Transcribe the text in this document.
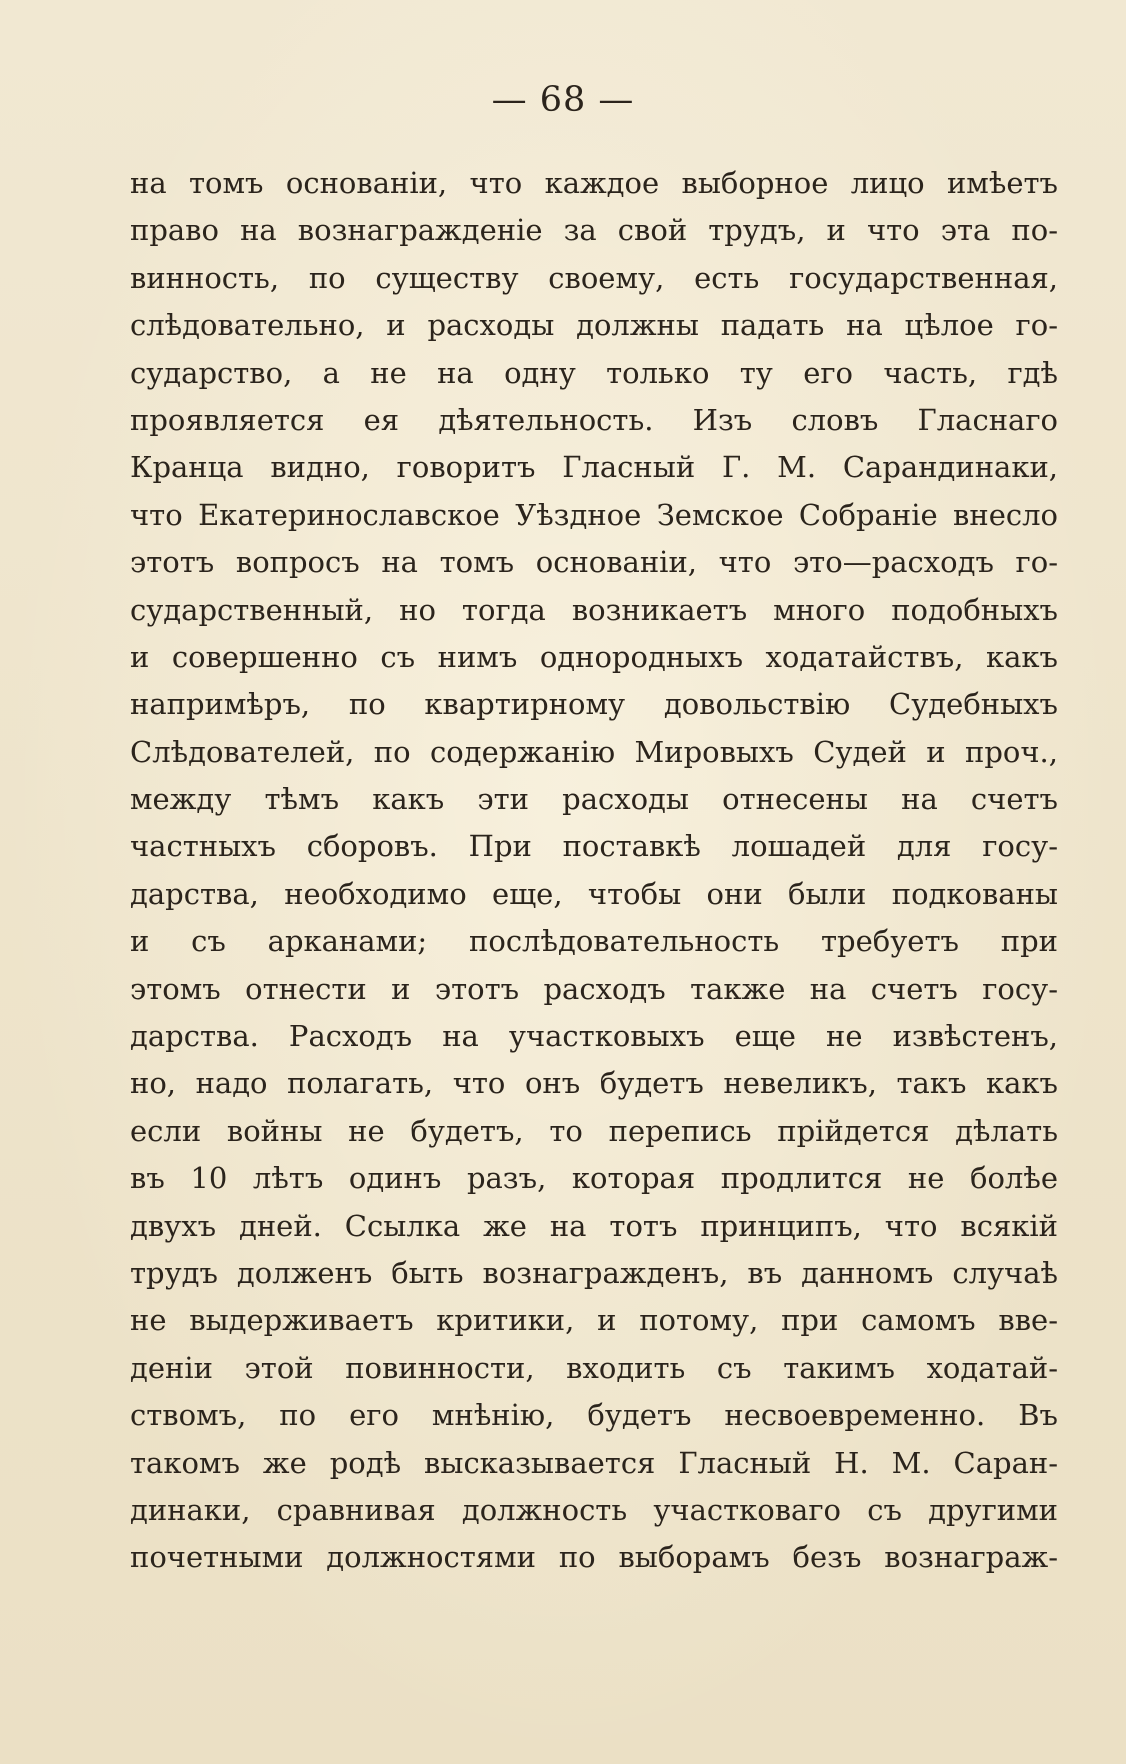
— 68 —
на томъ основаніи, что каждое выборное лицо имѣетъ
право на вознагражденіе за свой трудъ, и что эта по-
винность, по существу своему, есть государственная,
слѣдовательно, и расходы должны падать на цѣлое го-
сударство, а не на одну только ту его часть, гдѣ
проявляется ея дѣятельность. Изъ словъ Гласнаго
Кранца видно, говоритъ Гласный Г. М. Сарандинаки,
что Екатеринославское Уѣздное Земское Собраніе внесло
этотъ вопросъ на томъ основаніи, что это—расходъ го-
сударственный, но тогда возникаетъ много подобныхъ
и совершенно съ нимъ однородныхъ ходатайствъ, какъ
напримѣръ, по квартирному довольствію Судебныхъ
Слѣдователей, по содержанію Мировыхъ Судей и проч.,
между тѣмъ какъ эти расходы отнесены на счетъ
частныхъ сборовъ. При поставкѣ лошадей для госу-
дарства, необходимо еще, чтобы они были подкованы
и съ арканами; послѣдовательность требуетъ при
этомъ отнести и этотъ расходъ также на счетъ госу-
дарства. Расходъ на участковыхъ еще не извѣстенъ,
но, надо полагать, что онъ будетъ невеликъ, такъ какъ
если войны не будетъ, то перепись прійдется дѣлать
въ 10 лѣтъ одинъ разъ, которая продлится не болѣе
двухъ дней. Ссылка же на тотъ принципъ, что всякій
трудъ долженъ быть вознагражденъ, въ данномъ случаѣ
не выдерживаетъ критики, и потому, при самомъ вве-
деніи этой повинности, входить съ такимъ ходатай-
ствомъ, по его мнѣнію, будетъ несвоевременно. Въ
такомъ же родѣ высказывается Гласный Н. М. Саран-
динаки, сравнивая должность участковаго съ другими
почетными должностями по выборамъ безъ вознаграж-
